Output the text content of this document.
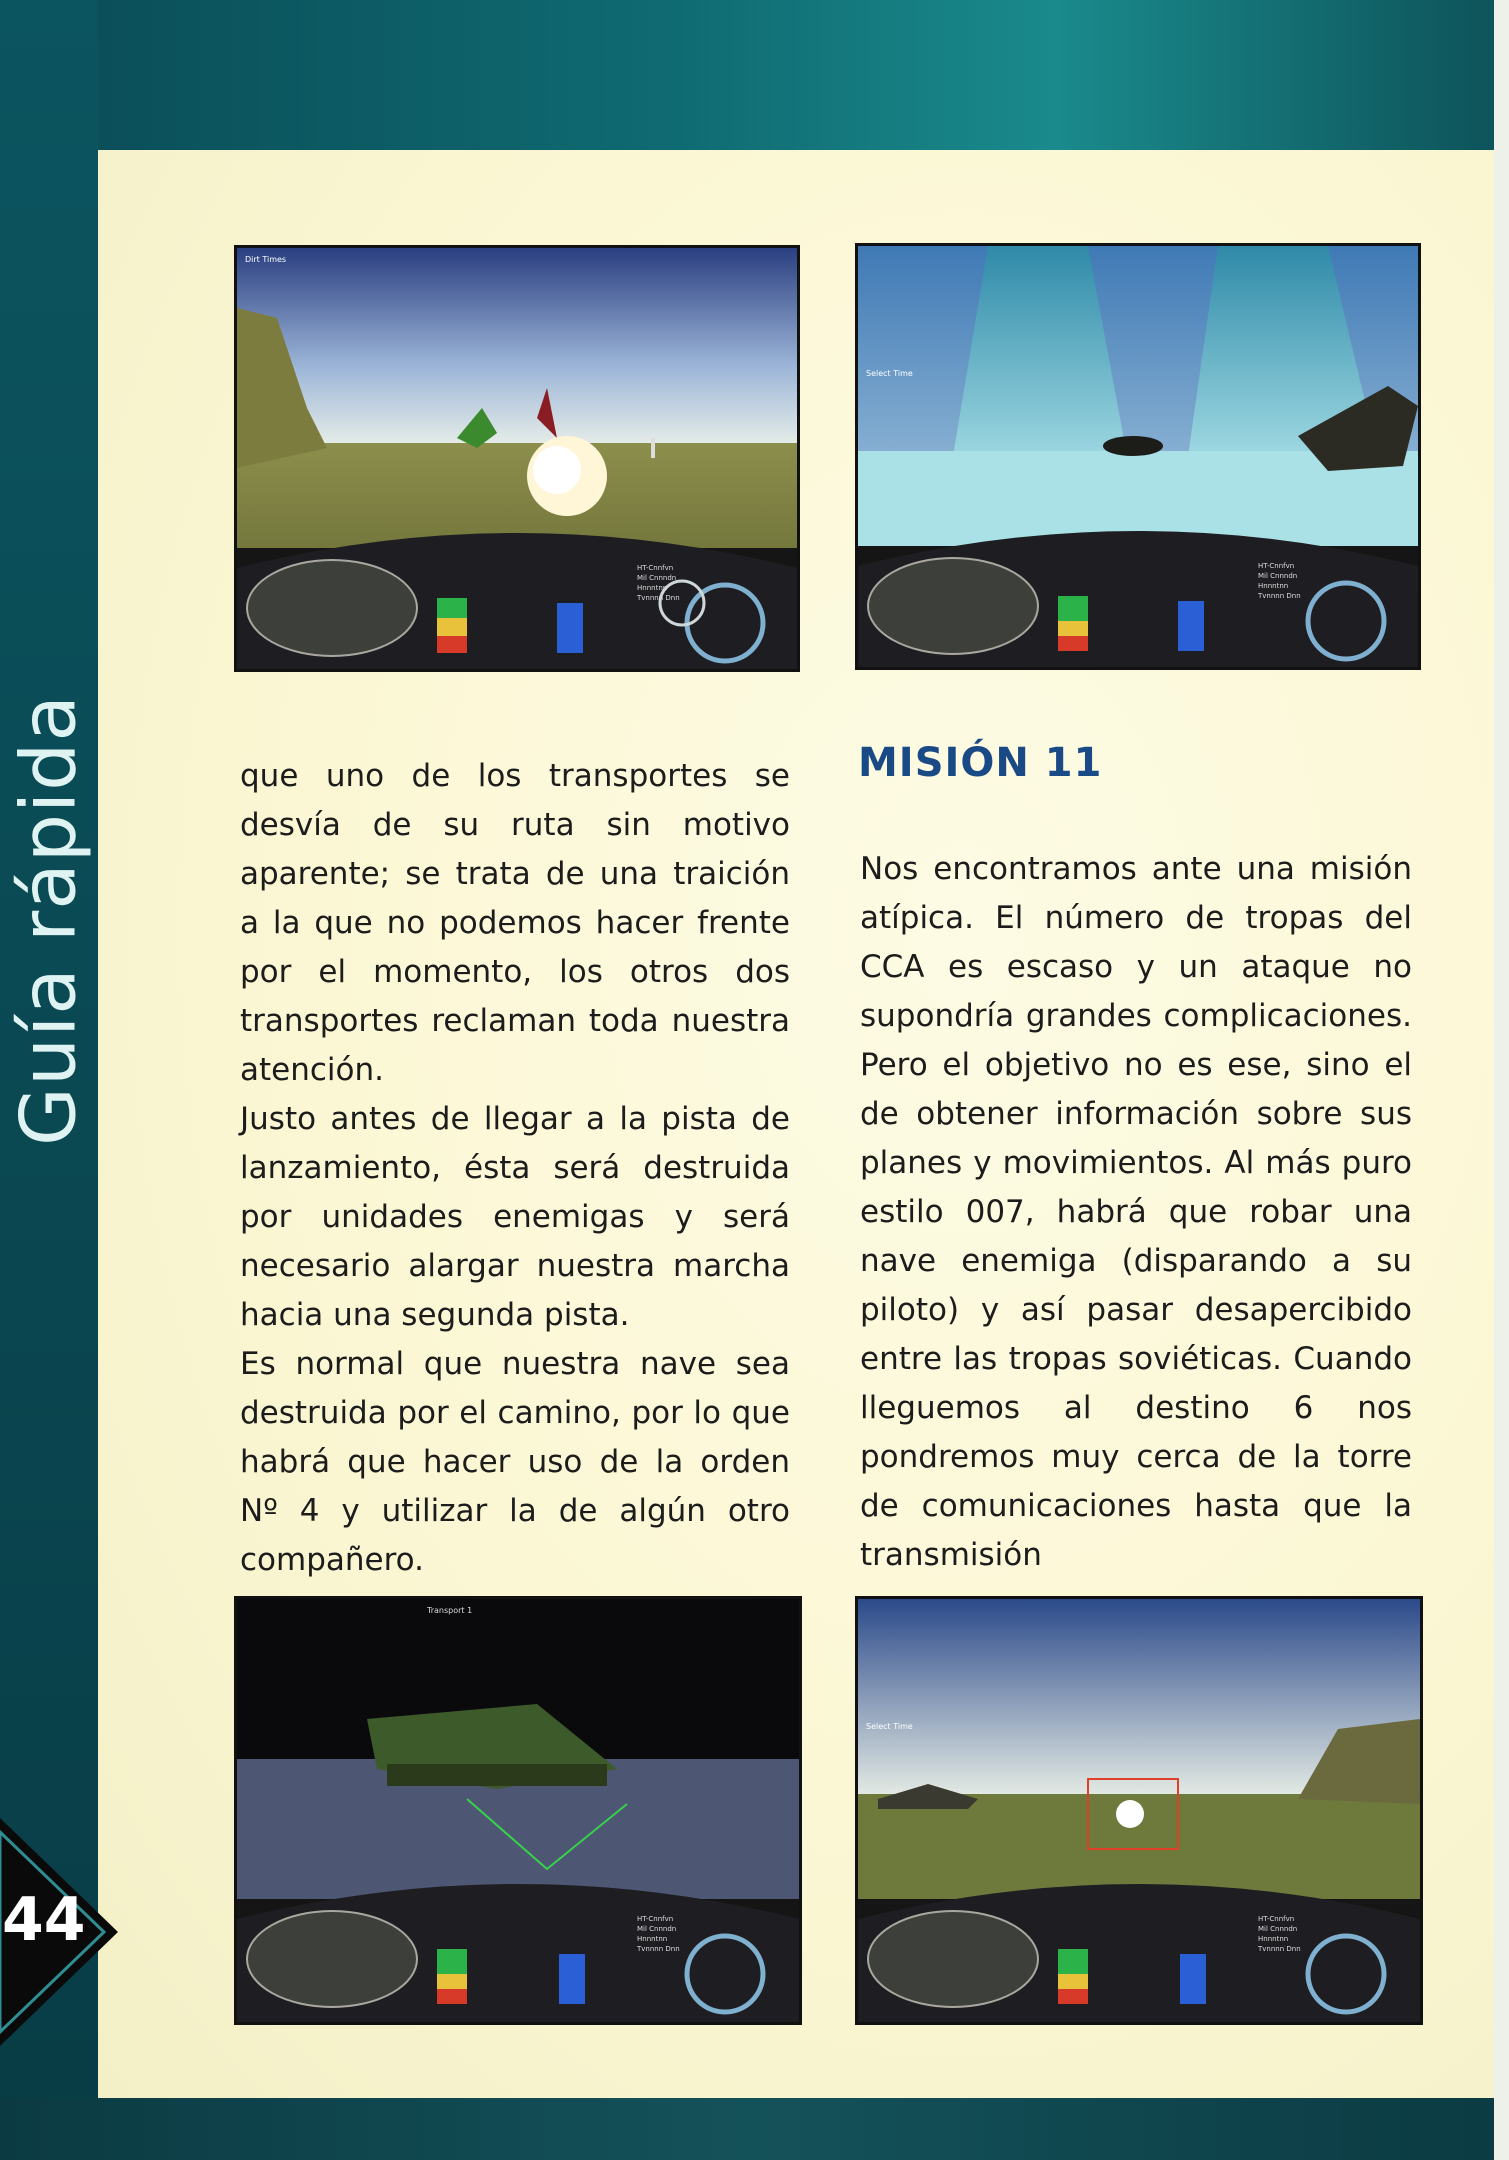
Guía rápida
44
Dirt Times
HT-Cnnfvn
Mil Cnnndn
Hnnntnn
Tvnnnn Dnn
Select Time
HT-Cnnfvn
Mil Cnnndn
Hnnntnn
Tvnnnn Dnn
Transport 1
HT-Cnnfvn
Mil Cnnndn
Hnnntnn
Tvnnnn Dnn
Select Time
HT-Cnnfvn
Mil Cnnndn
Hnnntnn
Tvnnnn Dnn

que uno de los transportes se desvía de su ruta sin motivo aparente; se trata de una traición a la que no podemos hacer frente por el momento, los otros dos transportes reclaman toda nuestra atención.

Justo antes de llegar a la pista de lanzamiento, ésta será destruida por unidades enemigas y será necesario alargar nuestra marcha hacia una segunda pista.

Es normal que nuestra nave sea destruida por el camino, por lo que habrá que hacer uso de la orden Nº 4 y utilizar la de algún otro compañero.

MISIÓN 11

Nos encontramos ante una misión atípica. El número de tropas del CCA es escaso y un ataque no supondría grandes complicaciones. Pero el objetivo no es ese, sino el de obtener información sobre sus planes y movimientos. Al más puro estilo 007, habrá que robar una nave enemiga (disparando a su piloto) y así pasar desapercibido entre las tropas soviéticas. Cuando lleguemos al destino 6 nos pondremos muy cerca de la torre de comunicaciones hasta que la transmisión
